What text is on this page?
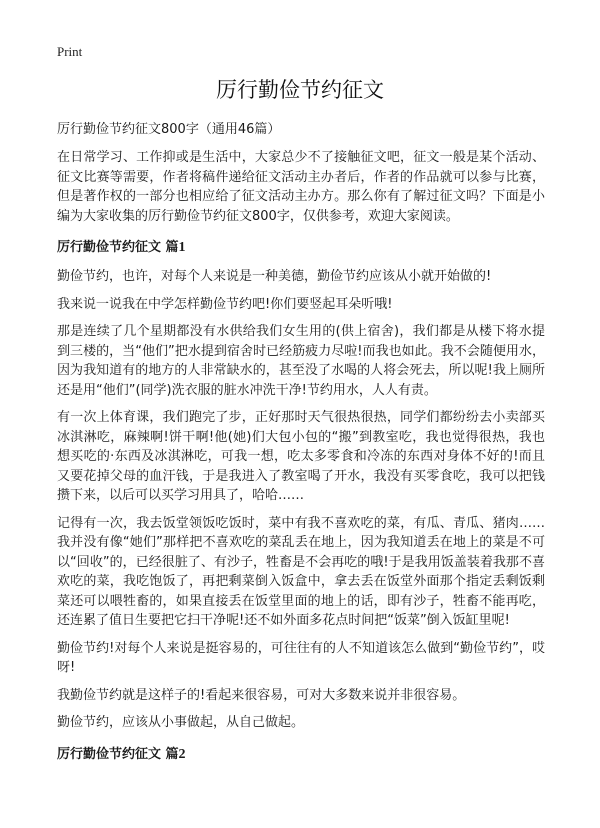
Print
厉行勤俭节约征文
厉行勤俭节约征文800字（通用46篇）

在日常学习、工作抑或是生活中，大家总少不了接触征文吧，征文一般是某个活动、征文比赛等需要，作者将稿件递给征文活动主办者后，作者的作品就可以参与比赛，但是著作权的一部分也相应给了征文活动主办方。那么你有了解过征文吗？下面是小编为大家收集的厉行勤俭节约征文800字，仅供参考，欢迎大家阅读。

厉行勤俭节约征文 篇1

勤俭节约，也许，对每个人来说是一种美德，勤俭节约应该从小就开始做的!

我来说一说我在中学怎样勤俭节约吧!你们要竖起耳朵听哦!

那是连续了几个星期都没有水供给我们女生用的(供上宿舍)，我们都是从楼下将水提到三楼的，当“他们”把水提到宿舍时已经筋疲力尽啦!而我也如此。我不会随便用水，因为我知道有的地方的人非常缺水的，甚至没了水喝的人将会死去，所以呢!我上厕所还是用“他们”(同学)洗衣服的脏水冲洗干净!节约用水，人人有责。

有一次上体育课，我们跑完了步，正好那时天气很热很热，同学们都纷纷去小卖部买冰淇淋吃，麻辣啊!饼干啊!他(她)们大包小包的“搬”到教室吃，我也觉得很热，我也想买吃的·东西及冰淇淋吃，可我一想，吃太多零食和冷冻的东西对身体不好的!而且又要花掉父母的血汗钱，于是我进入了教室喝了开水，我没有买零食吃，我可以把钱攒下来，以后可以买学习用具了，哈哈……

记得有一次，我去饭堂领饭吃饭时，菜中有我不喜欢吃的菜，有瓜、青瓜、猪肉……我并没有像“她们”那样把不喜欢吃的菜乱丢在地上，因为我知道丢在地上的菜是不可以“回收”的，已经很脏了、有沙子，牲畜是不会再吃的哦!于是我用饭盖装着我那不喜欢吃的菜，我吃饱饭了，再把剩菜倒入饭盒中，拿去丢在饭堂外面那个指定丢剩饭剩菜还可以喂牲畜的，如果直接丢在饭堂里面的地上的话，即有沙子，牲畜不能再吃，还连累了值日生要把它扫干净呢!还不如外面多花点时间把“饭菜”倒入饭缸里呢!

勤俭节约!对每个人来说是挺容易的，可往往有的人不知道该怎么做到“勤俭节约”，哎呀!

我勤俭节约就是这样子的!看起来很容易，可对大多数来说并非很容易。

勤俭节约，应该从小事做起，从自己做起。

厉行勤俭节约征文 篇2
